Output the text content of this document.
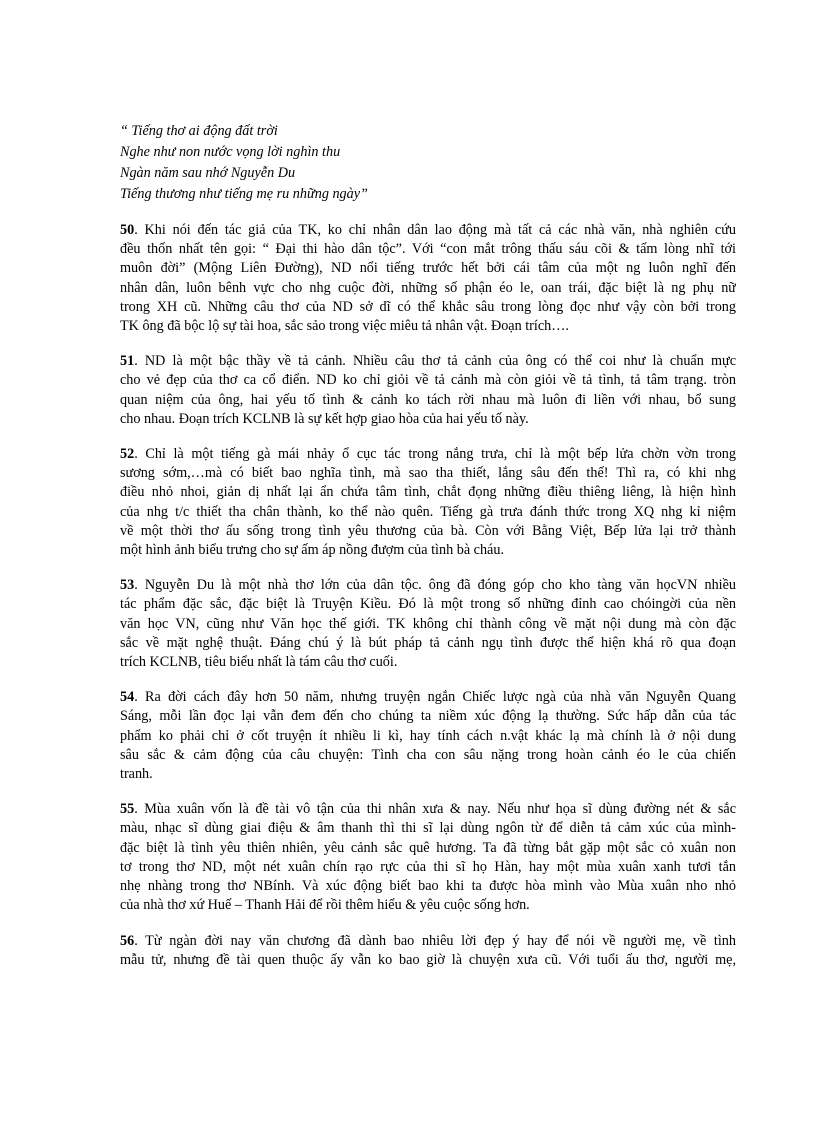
“ Tiếng thơ ai động đất trời
Nghe như non nước vọng lời nghìn thu
Ngàn năm sau nhớ Nguyễn Du
Tiếng thương như tiếng mẹ ru những ngày”
50. Khi nói đến tác giả của TK, ko chỉ nhân dân lao động mà tất cả các nhà văn, nhà nghiên cứu
đều thốn nhất tên gọi: “ Đại thi hào dân tộc”. Với “con mắt trông thấu sáu cõi & tấm lòng nhĩ tới
muôn đời” (Mộng Liên Đường), ND nổi tiếng trước hết bởi cái tâm của một ng luôn nghĩ đến
nhân dân, luôn bênh vực cho nhg cuộc đời, những số phận éo le, oan trái, đặc biệt là ng phụ nữ
trong XH cũ. Những câu thơ của ND sở dĩ có thể khắc sâu trong lòng đọc như vậy còn bởi trong
TK ông đã bộc lộ sự tài hoa, sắc sảo trong việc miêu tả nhân vật. Đoạn trích….
51. ND là một bậc thầy về tả cảnh. Nhiều câu thơ tả cảnh của ông có thể coi như là chuẩn mực
cho vẻ đẹp của thơ ca cổ điển. ND ko chỉ giỏi về tả cảnh mà còn giỏi về tả tình, tả tâm trạng. tròn
quan niệm của ông, hai yếu tố tình & cảnh ko tách rời nhau mà luôn đi liền với nhau, bổ sung
cho nhau. Đoạn trích KCLNB là sự kết hợp giao hòa của hai yếu tố này.
52. Chỉ là một tiếng gà mái nhảy ổ cục tác trong nắng trưa, chỉ là một bếp lửa chờn vờn trong
sương sớm,…mà có biết bao nghĩa tình, mà sao tha thiết, lắng sâu đến thế! Thì ra, có khi nhg
điều nhỏ nhoi, giản dị nhất lại ẩn chứa tâm tình, chắt đọng những điều thiêng liêng, là hiện hình
của nhg t/c thiết tha chân thành, ko thể nào quên. Tiếng gà trưa đánh thức trong XQ nhg kỉ niệm
về một thời thơ ấu sống trong tình yêu thương của bà. Còn với Bằng Việt, Bếp lửa lại trở thành
một hình ảnh biểu trưng cho sự ấm áp nồng đượm của tình bà cháu.
53. Nguyễn Du là một nhà thơ lớn của dân tộc. ông đã đóng góp cho kho tàng văn họcVN nhiều
tác phẩm đặc sắc, đặc biệt là Truyện Kiều. Đó là một trong số những đỉnh cao chóingời của nền
văn học VN, cũng như Văn học thế giới. TK không chỉ thành công về mặt nội dung mà còn đặc
sắc về mặt nghệ thuật. Đáng chú ý là bút pháp tả cảnh ngụ tình được thể hiện khá rõ qua đoạn
trích KCLNB, tiêu biểu nhất là tám câu thơ cuối.
54. Ra đời cách đây hơn 50 năm, nhưng truyện ngắn Chiếc lược ngà của nhà văn Nguyễn Quang
Sáng, mỗi lần đọc lại vẫn đem đến cho chúng ta niềm xúc động lạ thường. Sức hấp dẫn của tác
phẩm ko phải chỉ ở cốt truyện ít nhiều li kì, hay tính cách n.vật khác lạ mà chính là ở nội dung
sâu sắc & cảm động của câu chuyện: Tình cha con sâu nặng trong hoàn cảnh éo le của chiến
tranh.
55. Mùa xuân vốn là đề tài vô tận của thi nhân xưa & nay. Nếu như họa sĩ dùng đường nét & sắc
màu, nhạc sĩ dùng giai điệu & âm thanh thì thi sĩ lại dùng ngôn từ để diễn tả cảm xúc của mình-
đặc biệt là tình yêu thiên nhiên, yêu cảnh sắc quê hương. Ta đã từng bắt gặp một sắc cỏ xuân non
tơ trong thơ ND, một nét xuân chín rạo rực của thi sĩ họ Hàn, hay một mùa xuân xanh tươi tắn
nhẹ nhàng trong thơ NBính. Và xúc động biết bao khi ta được hòa mình vào Mùa xuân nho nhỏ
của nhà thơ xứ Huế – Thanh Hải để rồi thêm hiểu & yêu cuộc sống hơn.
56. Từ ngàn đời nay văn chương đã dành bao nhiêu lời đẹp ý hay để nói về người mẹ, về tình
mẫu tử, nhưng đề tài quen thuộc ấy vẫn ko bao giờ là chuyện xưa cũ. Với tuổi ấu thơ, người mẹ,
